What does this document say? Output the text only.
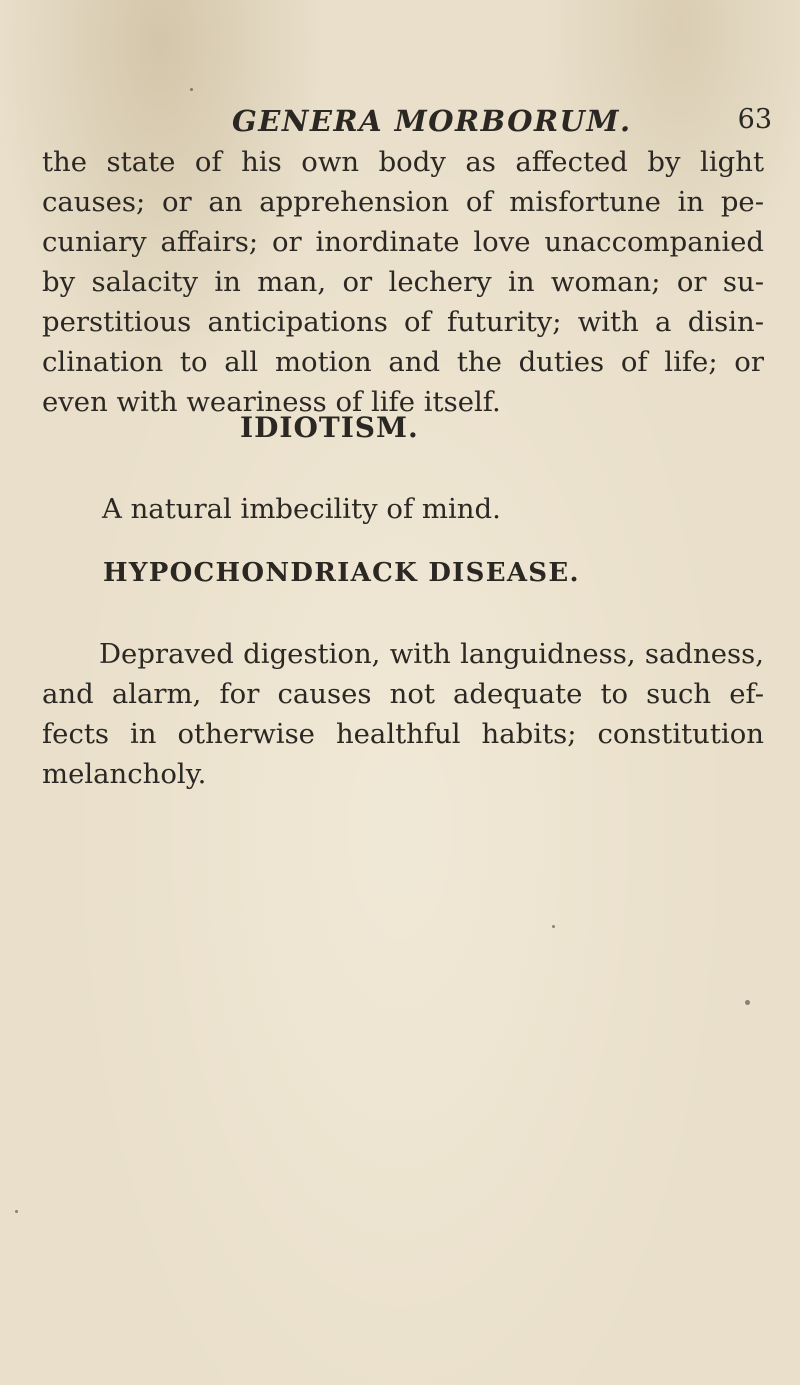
GENERA MORBORUM.	63
the state of his own body as affected by light
causes; or an apprehension of misfortune in pe-
cuniary affairs; or inordinate love unaccompanied
by salacity in man, or lechery in woman; or su-
perstitious anticipations of futurity; with a disin-
clination to all motion and the duties of life; or
even with weariness of life itself.
IDIOTISM.
A natural imbecility of mind.
HYPOCHONDRIACK DISEASE.
Depraved digestion, with languidness, sadness,
and alarm, for causes not adequate to such ef-
fects in otherwise healthful habits; constitution
melancholy.
